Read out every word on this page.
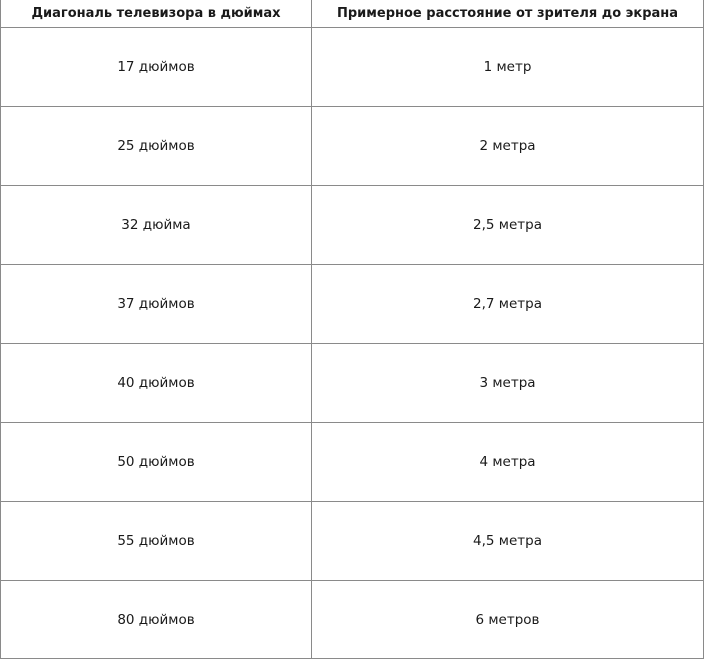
Диагональ телевизора в дюймах	Примерное расстояние от зрителя до экрана
17 дюймов	1 метр
25 дюймов	2 метра
32 дюйма	2,5 метра
37 дюймов	2,7 метра
40 дюймов	3 метра
50 дюймов	4 метра
55 дюймов	4,5 метра
80 дюймов	6 метров
